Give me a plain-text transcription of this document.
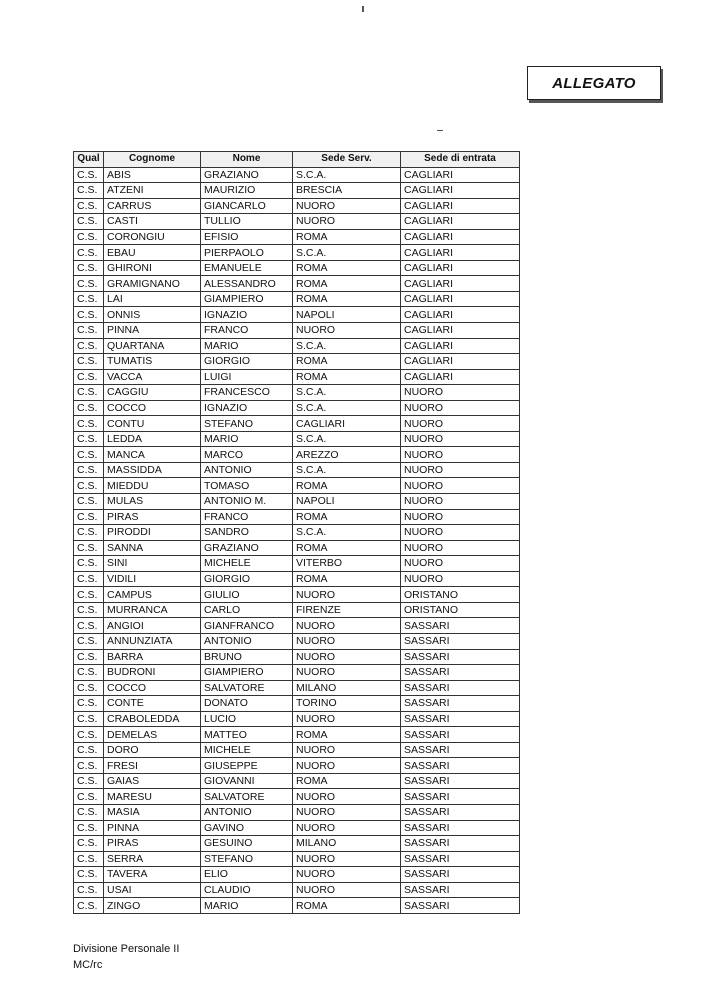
ALLEGATO
Qual	Cognome	Nome	Sede Serv.	Sede di entrata
C.S.	ABIS	GRAZIANO	S.C.A.	CAGLIARI
C.S.	ATZENI	MAURIZIO	BRESCIA	CAGLIARI
C.S.	CARRUS	GIANCARLO	NUORO	CAGLIARI
C.S.	CASTI	TULLIO	NUORO	CAGLIARI
C.S.	CORONGIU	EFISIO	ROMA	CAGLIARI
C.S.	EBAU	PIERPAOLO	S.C.A.	CAGLIARI
C.S.	GHIRONI	EMANUELE	ROMA	CAGLIARI
C.S.	GRAMIGNANO	ALESSANDRO	ROMA	CAGLIARI
C.S.	LAI	GIAMPIERO	ROMA	CAGLIARI
C.S.	ONNIS	IGNAZIO	NAPOLI	CAGLIARI
C.S.	PINNA	FRANCO	NUORO	CAGLIARI
C.S.	QUARTANA	MARIO	S.C.A.	CAGLIARI
C.S.	TUMATIS	GIORGIO	ROMA	CAGLIARI
C.S.	VACCA	LUIGI	ROMA	CAGLIARI
C.S.	CAGGIU	FRANCESCO	S.C.A.	NUORO
C.S.	COCCO	IGNAZIO	S.C.A.	NUORO
C.S.	CONTU	STEFANO	CAGLIARI	NUORO
C.S.	LEDDA	MARIO	S.C.A.	NUORO
C.S.	MANCA	MARCO	AREZZO	NUORO
C.S.	MASSIDDA	ANTONIO	S.C.A.	NUORO
C.S.	MIEDDU	TOMASO	ROMA	NUORO
C.S.	MULAS	ANTONIO M.	NAPOLI	NUORO
C.S.	PIRAS	FRANCO	ROMA	NUORO
C.S.	PIRODDI	SANDRO	S.C.A.	NUORO
C.S.	SANNA	GRAZIANO	ROMA	NUORO
C.S.	SINI	MICHELE	VITERBO	NUORO
C.S.	VIDILI	GIORGIO	ROMA	NUORO
C.S.	CAMPUS	GIULIO	NUORO	ORISTANO
C.S.	MURRANCA	CARLO	FIRENZE	ORISTANO
C.S.	ANGIOI	GIANFRANCO	NUORO	SASSARI
C.S.	ANNUNZIATA	ANTONIO	NUORO	SASSARI
C.S.	BARRA	BRUNO	NUORO	SASSARI
C.S.	BUDRONI	GIAMPIERO	NUORO	SASSARI
C.S.	COCCO	SALVATORE	MILANO	SASSARI
C.S.	CONTE	DONATO	TORINO	SASSARI
C.S.	CRABOLEDDA	LUCIO	NUORO	SASSARI
C.S.	DEMELAS	MATTEO	ROMA	SASSARI
C.S.	DORO	MICHELE	NUORO	SASSARI
C.S.	FRESI	GIUSEPPE	NUORO	SASSARI
C.S.	GAIAS	GIOVANNI	ROMA	SASSARI
C.S.	MARESU	SALVATORE	NUORO	SASSARI
C.S.	MASIA	ANTONIO	NUORO	SASSARI
C.S.	PINNA	GAVINO	NUORO	SASSARI
C.S.	PIRAS	GESUINO	MILANO	SASSARI
C.S.	SERRA	STEFANO	NUORO	SASSARI
C.S.	TAVERA	ELIO	NUORO	SASSARI
C.S.	USAI	CLAUDIO	NUORO	SASSARI
C.S.	ZINGO	MARIO	ROMA	SASSARI
Divisione Personale II
MC/rc
